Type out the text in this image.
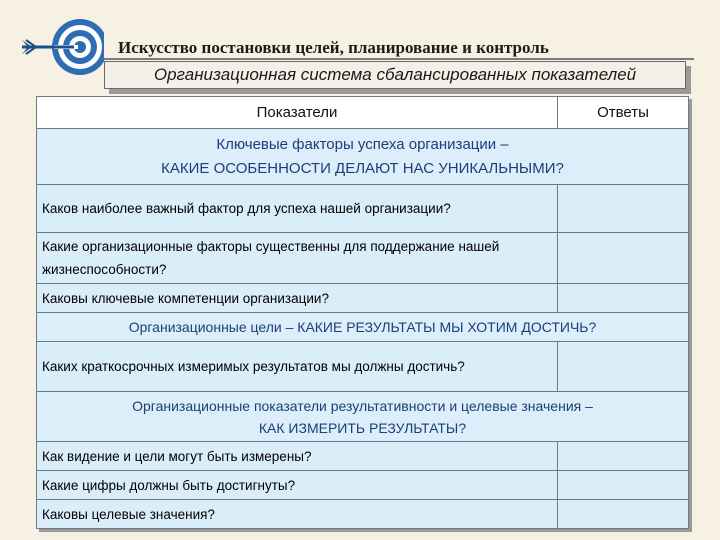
Искусство постановки целей, планирование и контроль
Организационная система сбалансированных показателей
Показатели	Ответы

Ключевые факторы успеха организации –
КАКИЕ ОСОБЕННОСТИ ДЕЛАЮТ НАС УНИКАЛЬНЫМИ?	

Каков наиболее важный фактор для успеха нашей организации?	
Какие организационные факторы существенны для поддержание нашей жизнеспособности?	
Каковы ключевые компетенции организации?	
Организационные цели – КАКИЕ РЕЗУЛЬТАТЫ МЫ ХОТИМ ДОСТИЧЬ?	
Каких краткосрочных измеримых результатов мы должны достичь?	

Организационные показатели результативности и целевые значения –
КАК ИЗМЕРИТЬ РЕЗУЛЬТАТЫ?	

Как видение и цели могут быть измерены?	
Какие цифры должны быть достигнуты?	
Каковы целевые значения?	
